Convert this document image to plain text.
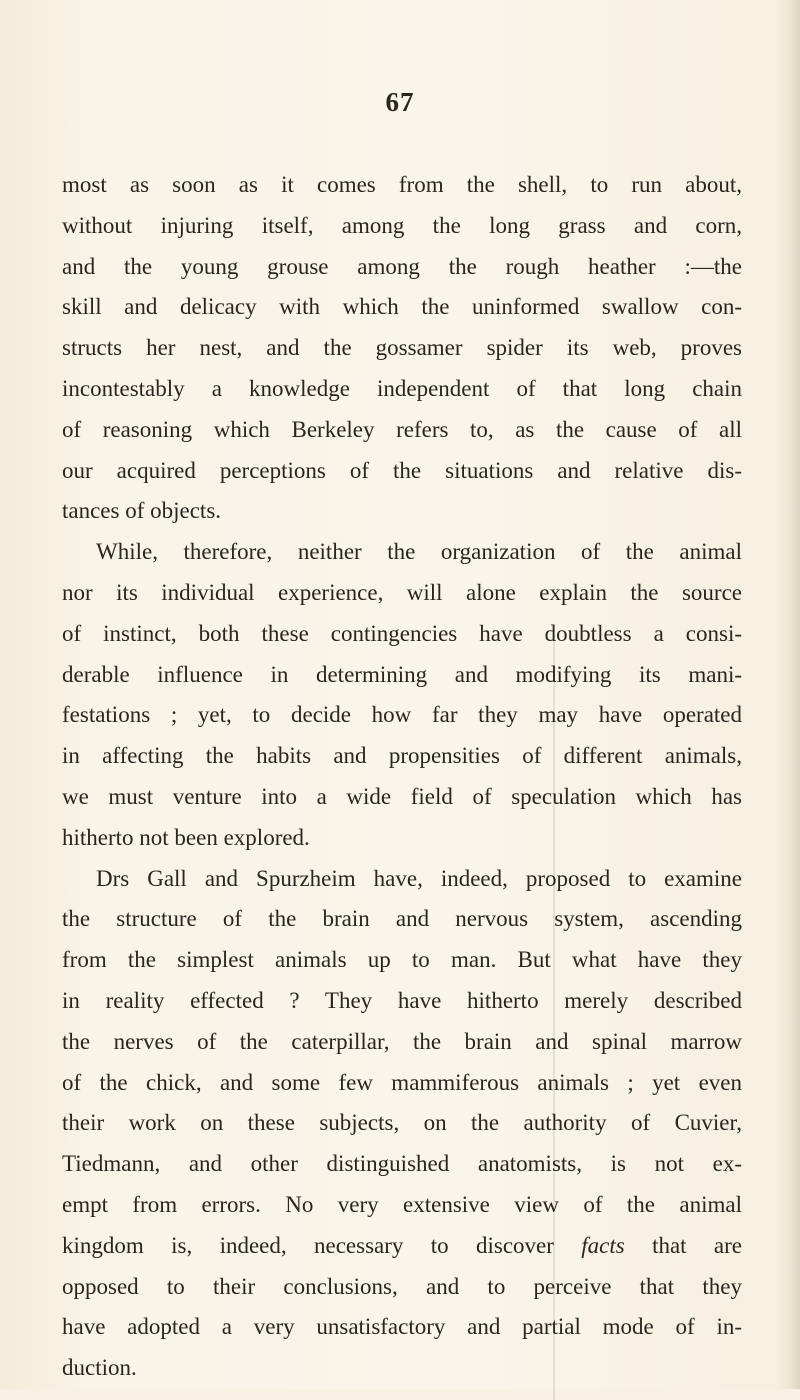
67
most as soon as it comes from the shell, to run about,
without injuring itself, among the long grass and corn,
and the young grouse among the rough heather :—the
skill and delicacy with which the uninformed swallow con-
structs her nest, and the gossamer spider its web, proves
incontestably a knowledge independent of that long chain
of reasoning which Berkeley refers to, as the cause of all
our acquired perceptions of the situations and relative dis-
tances of objects.
While, therefore, neither the organization of the animal
nor its individual experience, will alone explain the source
of instinct, both these contingencies have doubtless a consi-
derable influence in determining and modifying its mani-
festations ; yet, to decide how far they may have operated
in affecting the habits and propensities of different animals,
we must venture into a wide field of speculation which has
hitherto not been explored.
Drs Gall and Spurzheim have, indeed, proposed to examine
the structure of the brain and nervous system, ascending
from the simplest animals up to man. But what have they
in reality effected ? They have hitherto merely described
the nerves of the caterpillar, the brain and spinal marrow
of the chick, and some few mammiferous animals ; yet even
their work on these subjects, on the authority of Cuvier,
Tiedmann, and other distinguished anatomists, is not ex-
empt from errors. No very extensive view of the animal
kingdom is, indeed, necessary to discover facts that are
opposed to their conclusions, and to perceive that they
have adopted a very unsatisfactory and partial mode of in-
duction.
